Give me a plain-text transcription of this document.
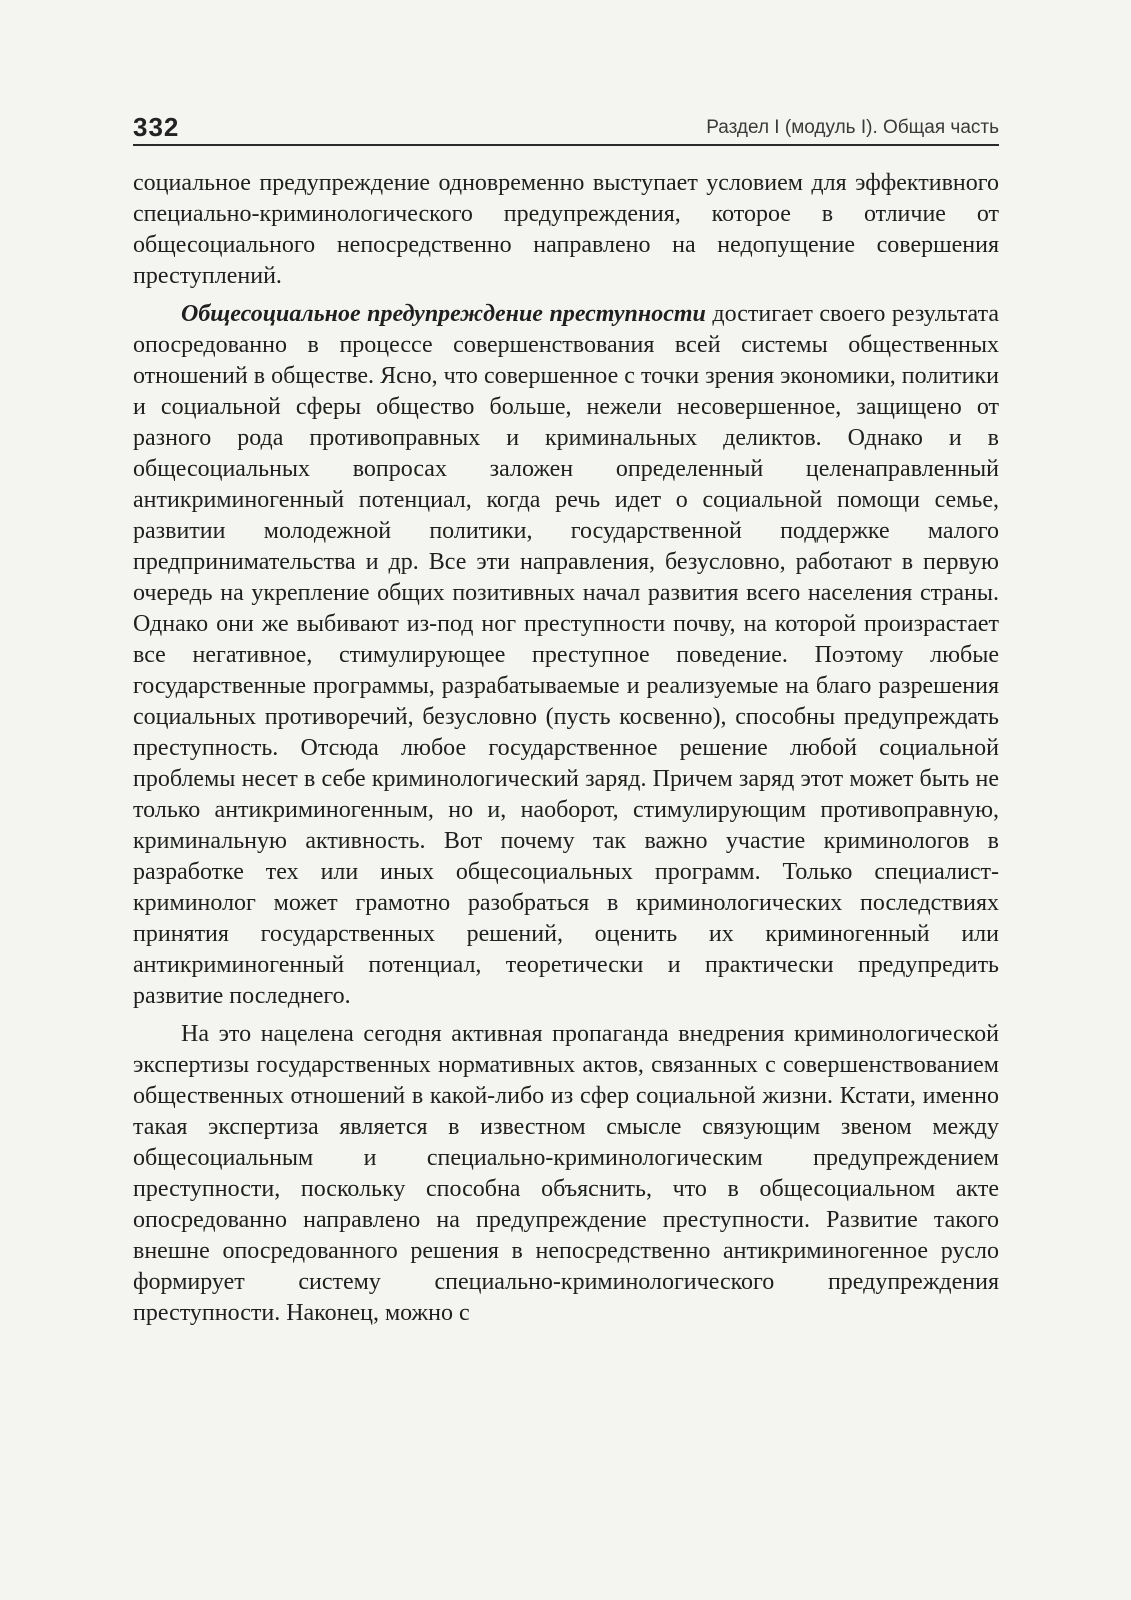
332	Раздел I (модуль I). Общая часть

социальное предупреждение одновременно выступает условием для эффективного специально-криминологического предупреждения, которое в отличие от общесоциального непосредственно направлено на недопущение совершения преступлений.

Общесоциальное предупреждение преступности достигает своего результата опосредованно в процессе совершенствования всей системы общественных отношений в обществе. Ясно, что совершенное с точки зрения экономики, политики и социальной сферы общество больше, нежели несовершенное, защищено от разного рода противоправных и криминальных деликтов. Однако и в общесоциальных вопросах заложен определенный целенаправленный антикриминогенный потенциал, когда речь идет о социальной помощи семье, развитии молодежной политики, государственной поддержке малого предпринимательства и др. Все эти направления, безусловно, работают в первую очередь на укрепление общих позитивных начал развития всего населения страны. Однако они же выбивают из-под ног преступности почву, на которой произрастает все негативное, стимулирующее преступное поведение. Поэтому любые государственные программы, разрабатываемые и реализуемые на благо разрешения социальных противоречий, безусловно (пусть косвенно), способны предупреждать преступность. Отсюда любое государственное решение любой социальной проблемы несет в себе криминологический заряд. Причем заряд этот может быть не только антикриминогенным, но и, наоборот, стимулирующим противоправную, криминальную активность. Вот почему так важно участие криминологов в разработке тех или иных общесоциальных программ. Только специалист-криминолог может грамотно разобраться в криминологических последствиях принятия государственных решений, оценить их криминогенный или антикриминогенный потенциал, теоретически и практически предупредить развитие последнего.

На это нацелена сегодня активная пропаганда внедрения криминологической экспертизы государственных нормативных актов, связанных с совершенствованием общественных отношений в какой-либо из сфер социальной жизни. Кстати, именно такая экспертиза является в известном смысле связующим звеном между общесоциальным и специально-криминологическим предупреждением преступности, поскольку способна объяснить, что в общесоциальном акте опосредованно направлено на предупреждение преступности. Развитие такого внешне опосредованного решения в непосредственно антикриминогенное русло формирует систему специально-криминологического предупреждения преступности. Наконец, можно с
